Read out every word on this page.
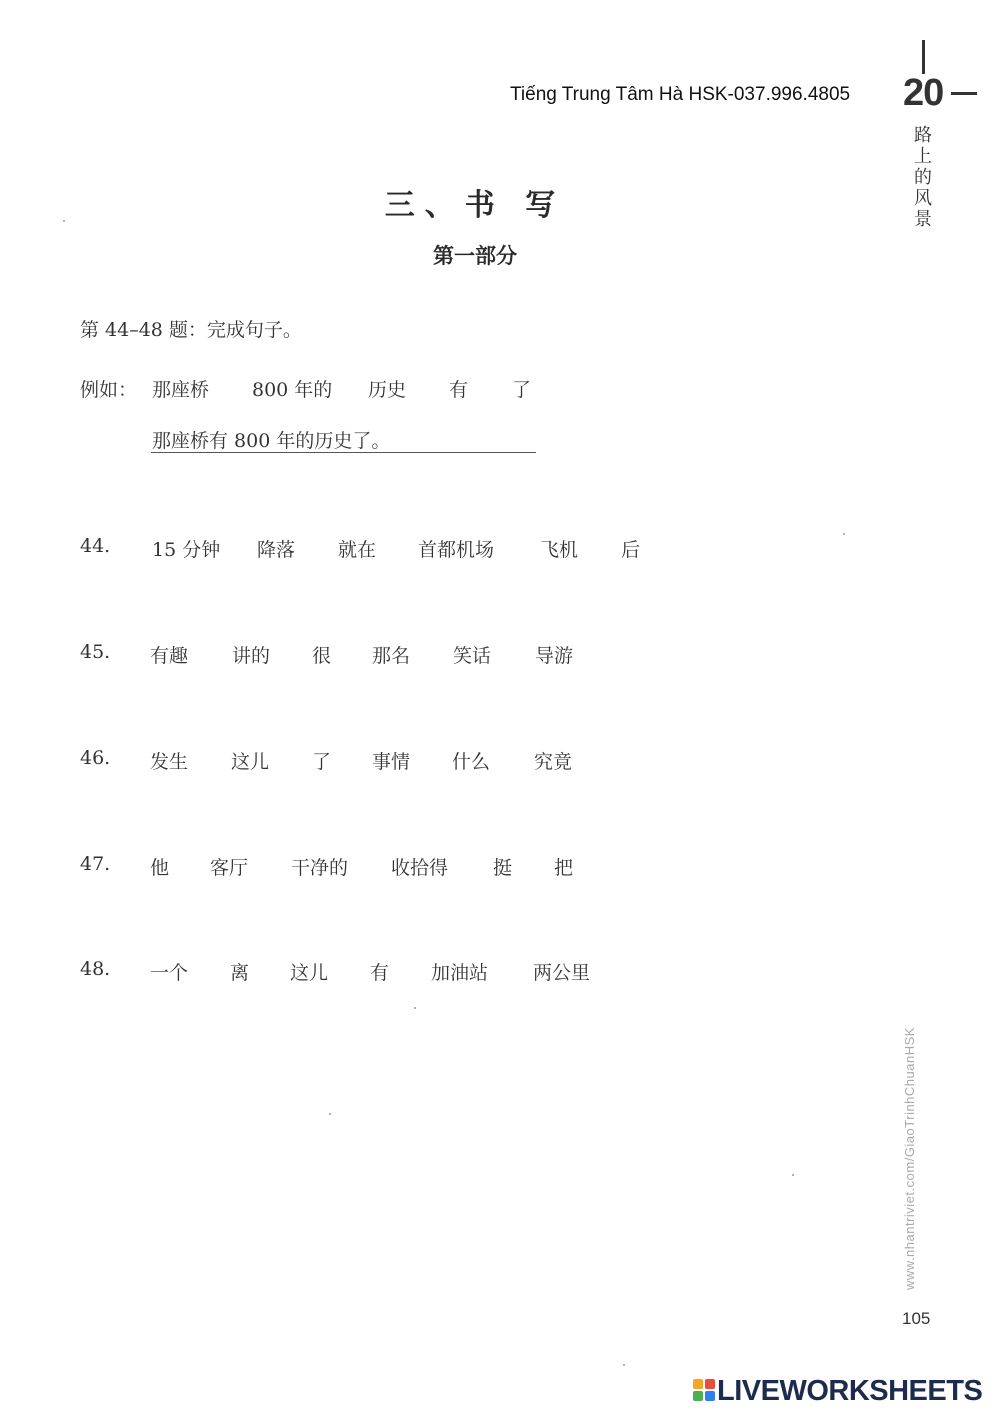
Tiếng Trung Tâm Hà HSK-037.996.4805 20
路上的风景
三、书 写
第一部分
第 44–48 题：完成句子。
例如： 那座桥 800 年的 历史 有 了
那座桥有 800 年的历史了。
44. 15 分钟 降落 就在 首都机场 飞机 后
45. 有趣 讲的 很 那名 笑话 导游
46. 发生 这儿 了 事情 什么 究竟
47. 他 客厅 干净的 收拾得 挺 把
48. 一个 离 这儿 有 加油站 两公里
www.nhantriviet.com/GiaoTrinhChuanHSK
105
LIVEWORKSHEETS
